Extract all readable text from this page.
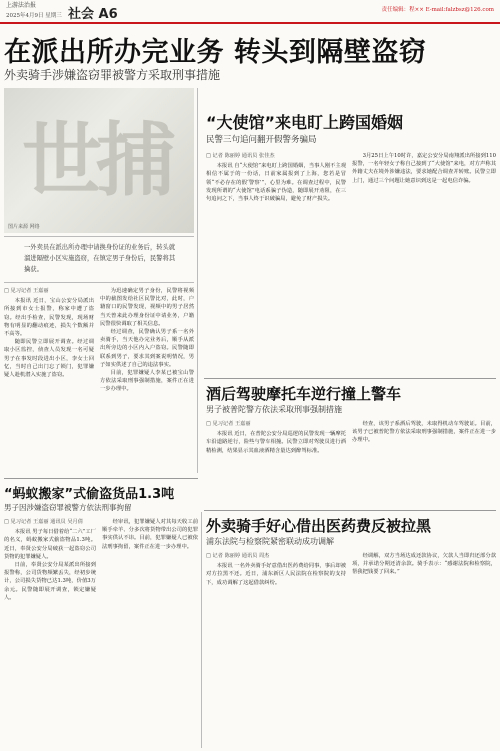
上游法治报
2025年4月9日 星期三 社会 A6	责任编辑：程×× E-mail:falzbsz@126.com
在派出所办完业务 转头到隔壁盗窃
外卖骑手涉嫌盗窃罪被警方采取刑事措施
世捕
图片来源 网络
一外卖员在派出所办理中请换身份证的业务后，转头就溜进隔壁小区实施盗窃，在镇定男子身份后，民警将其擒获。
□ 见习记者 王嘉丽

本报讯 近日，宝山公安分局派出所接到市女士报警，称家中遭了盗窃。经出手检查，民警发现，现场财物有明显的翻动痕迹，损失个数额并不高等。

随即民警立即展开调查。经过调取小区监控，侦查人员发现一名可疑男子在事发时段进出小区，李女士回忆，当时自己出门忘了锁门，犯罪嫌疑人趁机潜入实施了盗窃。

为迅速确定男子身份，民警将视频中的截图发给社区民警比对，此时，户籍窗口的民警发现，视频中的男子居然当天曾来此办理身份证中请业务，户籍民警很快调取了相关信息。

经过调查，民警确认男子系一名外卖骑手，当天他办完业务后，顺手从派出所旁边的小区内入户盗窃。民警随即联系到男子，要求其到案说明情况，男子如实供述了自己的违法事实。

目前，犯罪嫌疑人李某已被宝山警方依法采取刑事强制措施，案件正在进一步办理中。

“大使馆”来电盯上跨国婚姻
民警三句追问翻开假警务骗局
□ 记者 陈丽婷 通讯员 张佳杰

本报讯 自“大使馆”来电盯上跨国婚姻，当事人刚不主观相信不属于的一份话，日前家属报到了上海，您若是冒领“不必存在的假‘警察’”，心里为难。在调查过程中，民警发现所谓的“大使馆”电话系骗子伪造，随即展开劝阻，在三句追问之下，当事人终于识破骗局，避免了财产损失。

3月25日上午10时许，嘉定公安分局南翔派出所接到110报警，一名年轻女子称自己接到了“大使馆”来电，对方声称其外籍丈夫在境外涉嫌违法，要求她配合调查并转账。民警立即上门，通过三个问题让她意识到这是一起电信诈骗。

酒后驾驶摩托车逆行撞上警车
男子被普陀警方依法采取刑事强制措施
□ 见习记者 王嘉丽

本报讯 近日，在普陀公安分局巡逻的民警发现一辆摩托车沿道路逆行，险些与警车相撞。民警立即对驾驶员进行酒精检测，结果显示其血液酒精含量达到醉驾标准。

经查，该男子系酒后驾驶，未取得机动车驾驶证。目前，该男子已被普陀警方依法采取刑事强制措施，案件正在进一步办理中。

“蚂蚁搬家”式偷盗货品1.3吨
男子因涉嫌盗窃罪被警方依法刑事拘留
□ 见习记者 王嘉丽 通讯员 吴月倩

本报讯 男子每日借着给“二六”工厂的名义，蚂蚁搬家式偷盗物品1.3吨。近日，奉贤公安分局破获一起盗窃公司货物的犯罪嫌疑人。

日前，奉贤公安分局某派出所接到报警称，公司货物频繁丢失，经初步统计，公司损失货物已达1.3吨，价值3万余元。民警随即展开调查，锁定嫌疑人。

经审讯，犯罪嫌疑人对其每天收工前顺手牵羊、分多次将货物带出公司的犯罪事实供认不讳。目前，犯罪嫌疑人已被依法刑事拘留，案件正在进一步办理中。

外卖骑手好心借出医药费反被拉黑
浦东法院与检察院紧密联动成功调解
□ 记者 陈丽婷 通讯员 周杰

本报讯 一名外卖骑手好意借出医药费给同事，事后却被对方拉黑不还。近日，浦东新区人民法院在检察院的支持下，成功调解了这起借款纠纷。

经调解，双方当场达成还款协议，欠款人当即归还部分款项，并承诺分期还清余款。骑手表示：“感谢法院和检察院，帮我把钱要了回来。”
